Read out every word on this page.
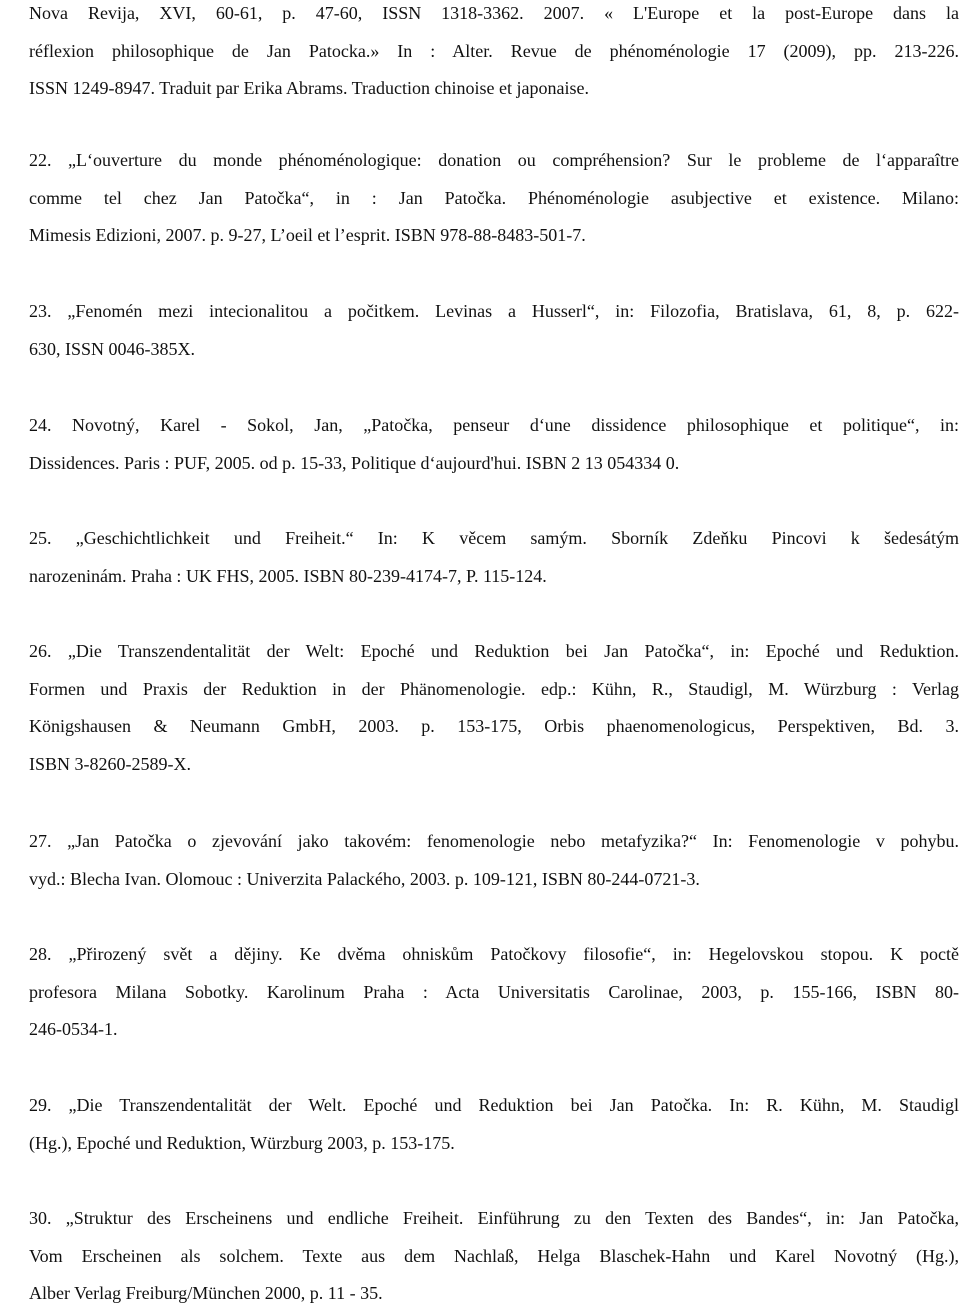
Nova Revija, XVI, 60-61, p. 47-60, ISSN 1318-3362. 2007. « L'Europe et la post-Europe dans la
réflexion philosophique de Jan Patocka.» In : Alter. Revue de phénoménologie 17 (2009), pp. 213-226.
ISSN 1249-8947. Traduit par Erika Abrams. Traduction chinoise et japonaise.
22. „L‘ouverture du monde phénoménologique: donation ou compréhension? Sur le probleme de l‘apparaître
comme tel chez Jan Patočka“, in : Jan Patočka. Phénoménologie asubjective et existence. Milano:
Mimesis Edizioni, 2007. p. 9-27, L’oeil et l’esprit. ISBN 978-88-8483-501-7.
23. „Fenomén mezi intecionalitou a počitkem. Levinas a Husserl“, in: Filozofia, Bratislava, 61, 8, p. 622-
630, ISSN 0046-385X.
24. Novotný, Karel - Sokol, Jan, „Patočka, penseur d‘une dissidence philosophique et politique“, in:
Dissidences. Paris : PUF, 2005. od p. 15-33, Politique d‘aujourd'hui. ISBN 2 13 054334 0.
25. „Geschichtlichkeit und Freiheit.“ In: K věcem samým. Sborník Zdeňku Pincovi k šedesátým
narozeninám. Praha : UK FHS, 2005. ISBN 80-239-4174-7, P. 115-124.
26. „Die Transzendentalität der Welt: Epoché und Reduktion bei Jan Patočka“, in: Epoché und Reduktion.
Formen und Praxis der Reduktion in der Phänomenologie. edp.: Kühn, R., Staudigl, M. Würzburg : Verlag
Königshausen & Neumann GmbH, 2003. p. 153-175, Orbis phaenomenologicus, Perspektiven, Bd. 3.
ISBN 3-8260-2589-X.
27. „Jan Patočka o zjevování jako takovém: fenomenologie nebo metafyzika?“ In: Fenomenologie v pohybu.
vyd.: Blecha Ivan. Olomouc : Univerzita Palackého, 2003. p. 109-121, ISBN 80-244-0721-3.
28. „Přirozený svět a dějiny. Ke dvěma ohniskům Patočkovy filosofie“, in: Hegelovskou stopou. K poctě
profesora Milana Sobotky. Karolinum Praha : Acta Universitatis Carolinae, 2003, p. 155-166, ISBN 80-
246-0534-1.
29. „Die Transzendentalität der Welt. Epoché und Reduktion bei Jan Patočka. In: R. Kühn, M. Staudigl
(Hg.), Epoché und Reduktion, Würzburg 2003, p. 153-175.
30. „Struktur des Erscheinens und endliche Freiheit. Einführung zu den Texten des Bandes“, in: Jan Patočka,
Vom Erscheinen als solchem. Texte aus dem Nachlaß, Helga Blaschek-Hahn und Karel Novotný (Hg.),
Alber Verlag Freiburg/München 2000, p. 11 - 35.
